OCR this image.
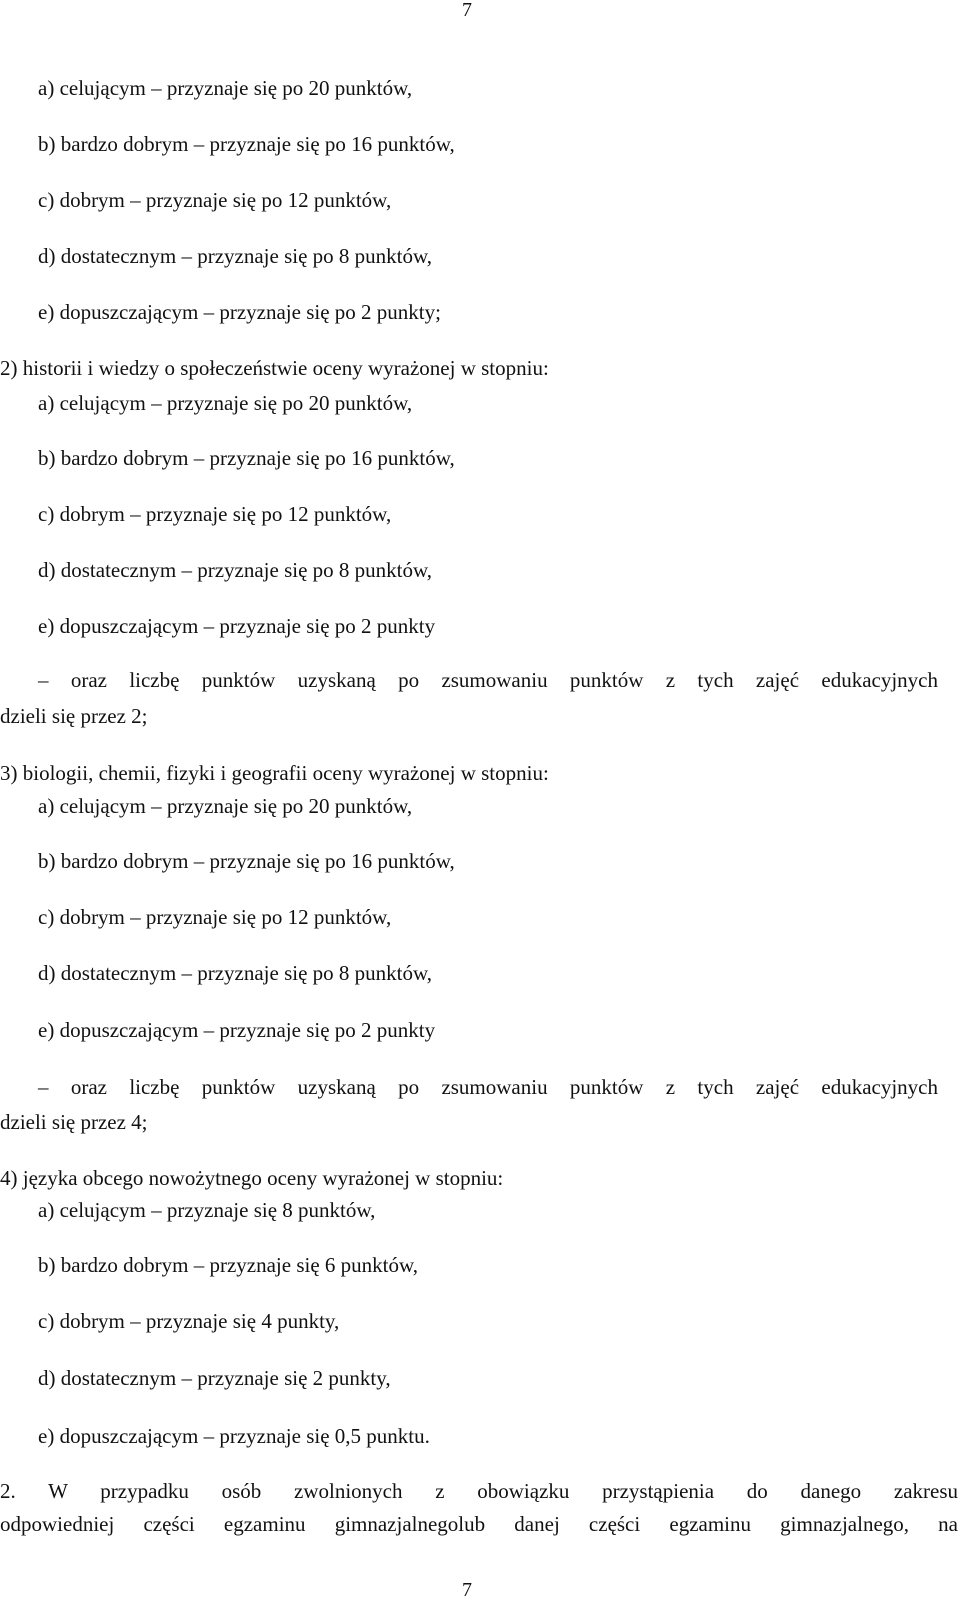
7
a) celującym – przyznaje się po 20 punktów,
b) bardzo dobrym – przyznaje się po 16 punktów,
c) dobrym – przyznaje się po 12 punktów,
d) dostatecznym – przyznaje się po 8 punktów,
e) dopuszczającym – przyznaje się po 2 punkty;
2) historii i wiedzy o społeczeństwie oceny wyrażonej w stopniu:
a) celującym – przyznaje się po 20 punktów,
b) bardzo dobrym – przyznaje się po 16 punktów,
c) dobrym – przyznaje się po 12 punktów,
d) dostatecznym – przyznaje się po 8 punktów,
e) dopuszczającym – przyznaje się po 2 punkty
– oraz liczbę punktów uzyskaną po zsumowaniu punktów z tych zajęć edukacyjnych
dzieli się przez 2;
3) biologii, chemii, fizyki i geografii oceny wyrażonej w stopniu:
a) celującym – przyznaje się po 20 punktów,
b) bardzo dobrym – przyznaje się po 16 punktów,
c) dobrym – przyznaje się po 12 punktów,
d) dostatecznym – przyznaje się po 8 punktów,
e) dopuszczającym – przyznaje się po 2 punkty
– oraz liczbę punktów uzyskaną po zsumowaniu punktów z tych zajęć edukacyjnych
dzieli się przez 4;
4) języka obcego nowożytnego oceny wyrażonej w stopniu:
a) celującym – przyznaje się 8 punktów,
b) bardzo dobrym – przyznaje się 6 punktów,
c) dobrym – przyznaje się 4 punkty,
d) dostatecznym – przyznaje się 2 punkty,
e) dopuszczającym – przyznaje się 0,5 punktu.
2. W przypadku osób zwolnionych z obowiązku przystąpienia do danego zakresu
odpowiedniej części egzaminu gimnazjalnegolub danej części egzaminu gimnazjalnego, na
7
